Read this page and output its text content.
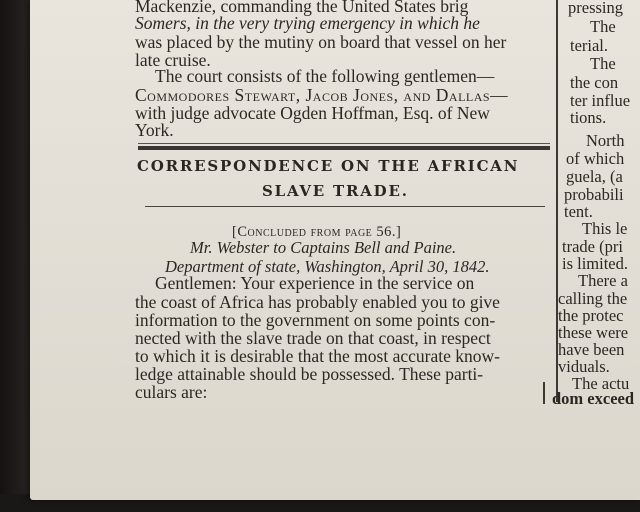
Mackenzie, commanding the United States brig
Somers, in the very trying emergency in which he
was placed by the mutiny on board that vessel on her
late cruise.
The court consists of the following gentlemen—
Commodores Stewart, Jacob Jones, and Dallas—
with judge advocate Ogden Hoffman, Esq. of New
York.
CORRESPONDENCE ON THE AFRICAN
SLAVE TRADE.
[Concluded from page 56.]
Mr. Webster to Captains Bell and Paine.
Department of state, Washington, April 30, 1842.
Gentlemen: Your experience in the service on
the coast of Africa has probably enabled you to give
information to the government on some points con-
nected with the slave trade on that coast, in respect
to which it is desirable that the most accurate know-
ledge attainable should be possessed. These parti-
culars are:
pressing
The
terial.
The
the con
ter influe
tions.
North
of which
guela, (a
probabili
tent.
This le
trade (pri
is limited.
There a
calling the
the protec
these were
have been
viduals.
The actu
dom exceed
